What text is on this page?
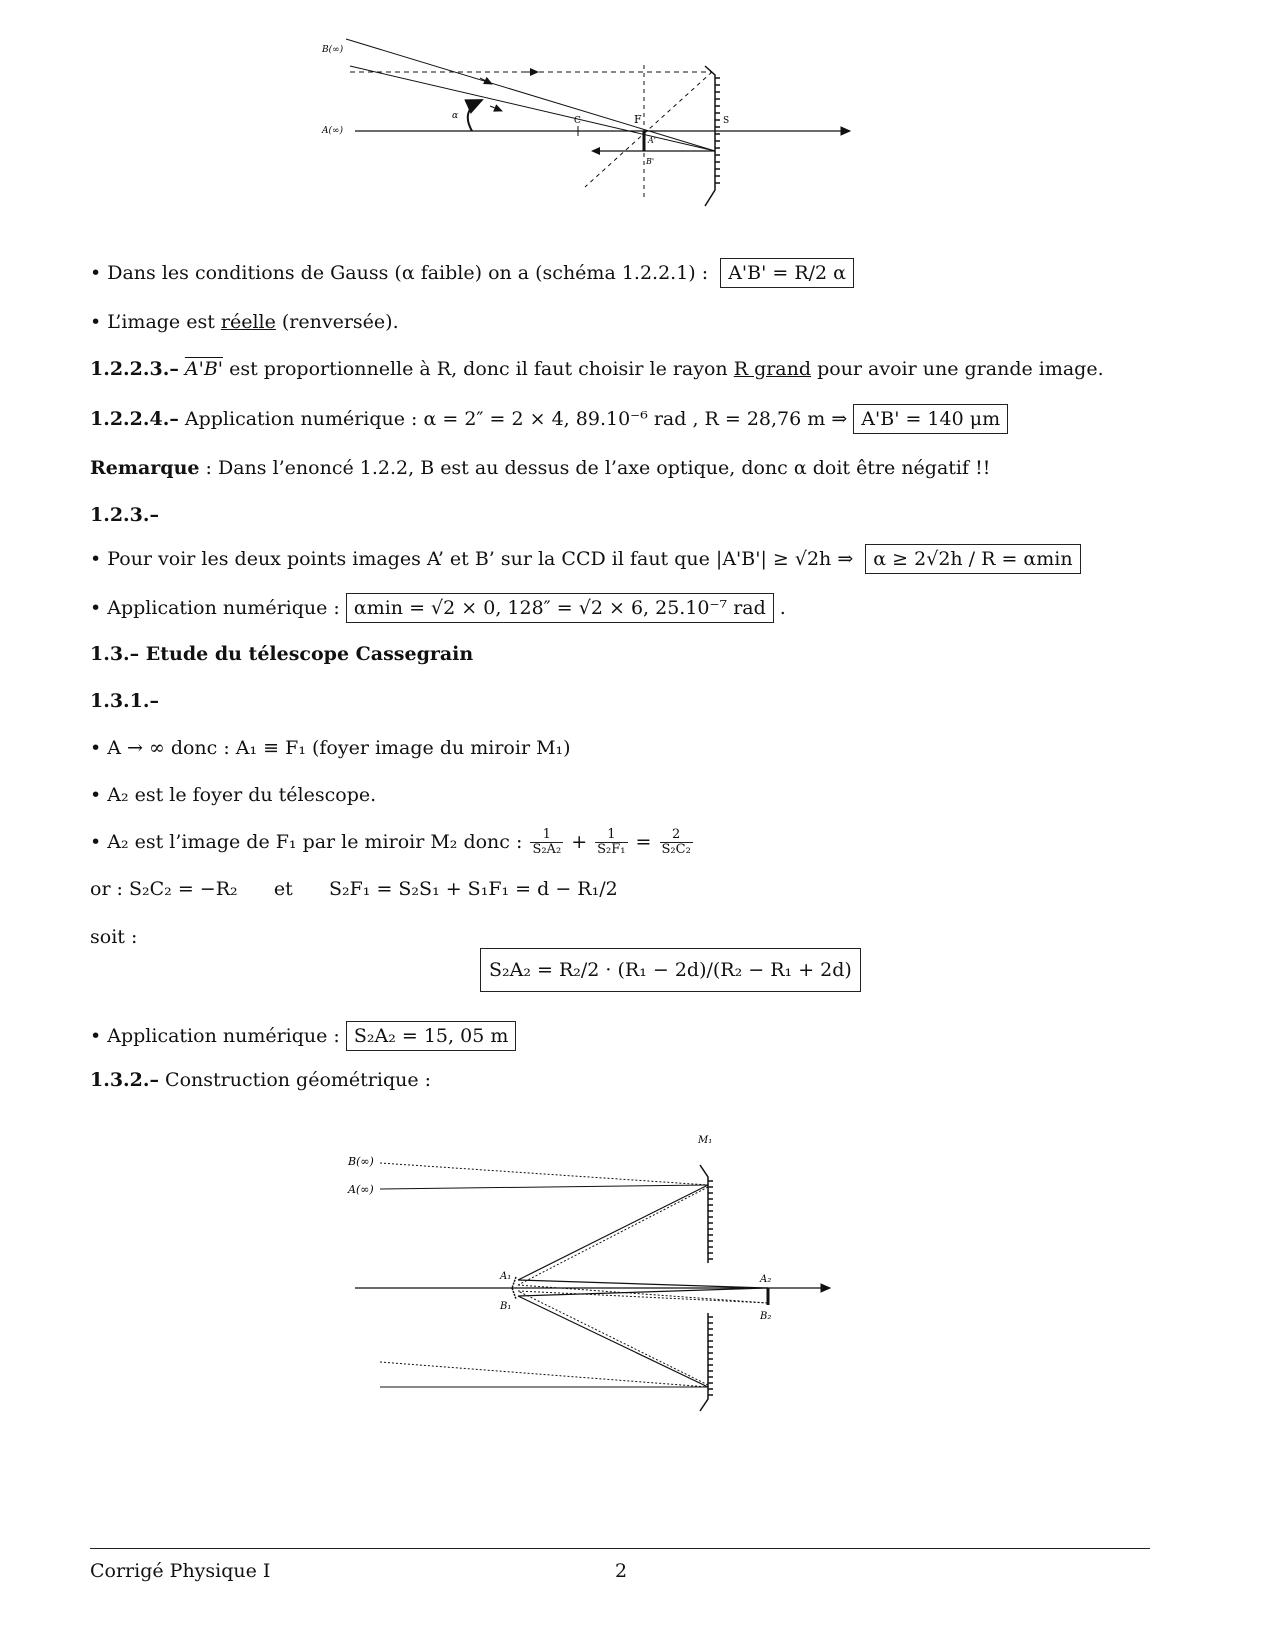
B(∞)
A(∞)
α	C	F	S
A'
B'
• Dans les conditions de Gauss (α faible) on a (schéma 1.2.2.1) : A'B' = R/2 α
• L’image est réelle (renversée).
1.2.2.3.– A'B' est proportionnelle à R, donc il faut choisir le rayon R grand pour avoir une grande image.
1.2.2.4.– Application numérique : α = 2″ = 2 × 4, 89.10⁻⁶ rad , R = 28,76 m ⇒ A'B' = 140 μm
Remarque : Dans l’enoncé 1.2.2, B est au dessus de l’axe optique, donc α doit être négatif !!
1.2.3.–
• Pour voir les deux points images A’ et B’ sur la CCD il faut que |A'B'| ≥ √2h ⇒ α ≥ 2√2h / R = αmin
• Application numérique : αmin = √2 × 0, 128″ = √2 × 6, 25.10⁻⁷ rad .
1.3.– Etude du télescope Cassegrain
1.3.1.–
• A → ∞ donc : A₁ ≡ F₁ (foyer image du miroir M₁)
• A₂ est le foyer du télescope.
• A₂ est l’image de F₁ par le miroir M₂ donc : $\frac{1}{\text{S₂A₂}} + \frac{1}{\text{S₂F₁}} = \frac{2}{\text{S₂C₂}}$
or : S₂C₂ = −R₂      et      S₂F₁ = S₂S₁ + S₁F₁ = d − R₁/2
soit :
S₂A₂ = R₂/2 · (R₁ − 2d)/(R₂ − R₁ + 2d)
• Application numérique : S₂A₂ = 15, 05 m
1.3.2.– Construction géométrique :
M₁
B(∞)
A(∞)
A₁
B₁
A₂
B₂
Corrigé Physique I	2
